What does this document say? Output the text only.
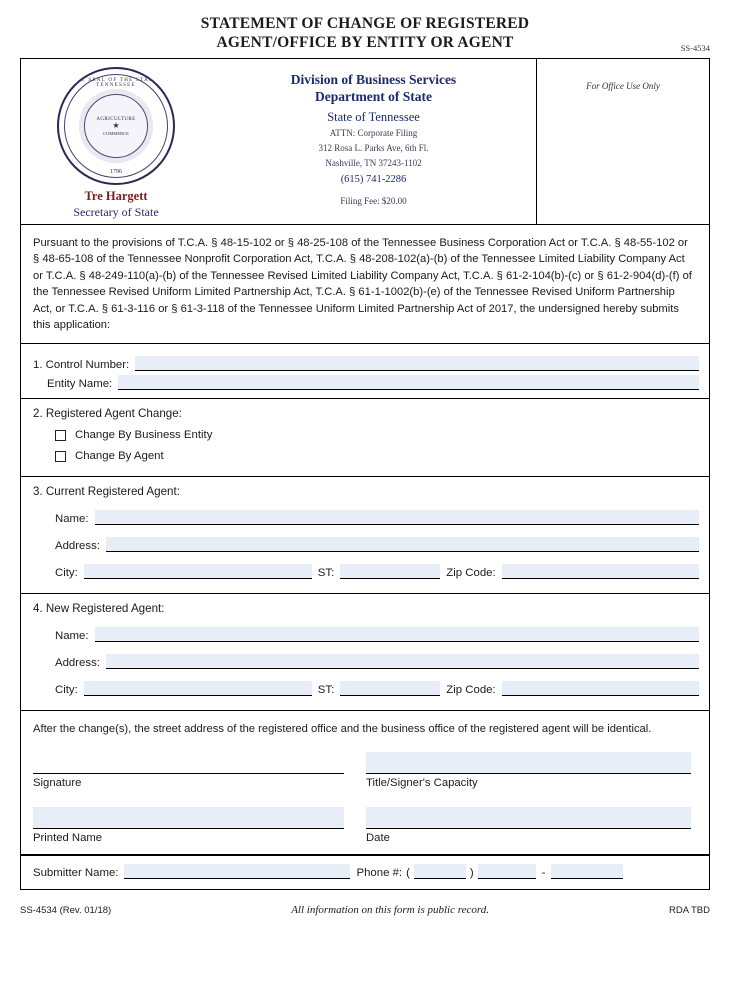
STATEMENT OF CHANGE OF REGISTERED
AGENT/OFFICE BY ENTITY OR AGENT	SS-4534
GREAT SEAL OF THE STATE OF TENNESSEE
AGRICULTURE
★
COMMERCE
1796
Tre Hargett
Secretary of State
Division of Business Services
Department of State
State of Tennessee
ATTN: Corporate Filing
312 Rosa L. Parks Ave, 6th Fl.
Nashville, TN 37243-1102
(615) 741-2286
Filing Fee: $20.00
For Office Use Only
Pursuant to the provisions of T.C.A. § 48-15-102 or § 48-25-108 of the Tennessee Business Corporation Act or T.C.A. § 48-55-102 or § 48-65-108 of the Tennessee Nonprofit Corporation Act, T.C.A. § 48-208-102(a)-(b) of the Tennessee Limited Liability Company Act or T.C.A. § 48-249-110(a)-(b) of the Tennessee Revised Limited Liability Company Act, T.C.A. § 61-2-104(b)-(c) or § 61-2-904(d)-(f) of the Tennessee Revised Uniform Limited Partnership Act, T.C.A. § 61-1-1002(b)-(e) of the Tennessee Revised Uniform Partnership Act, or T.C.A. § 61-3-116 or § 61-3-118 of the Tennessee Uniform Limited Partnership Act of 2017, the undersigned hereby submits this application:
1. Control Number:
Entity Name:
2. Registered Agent Change:
Change By Business Entity
Change By Agent
3. Current Registered Agent:
Name:
Address:
City:	ST:	Zip Code:
4. New Registered Agent:
Name:
Address:
City:	ST:	Zip Code:
After the change(s), the street address of the registered office and the business office of the registered agent will be identical.
Signature	Title/Signer's Capacity
Printed Name	Date
Submitter Name:	Phone #: (	)	-
SS-4534 (Rev. 01/18)	All information on this form is public record.	RDA TBD
